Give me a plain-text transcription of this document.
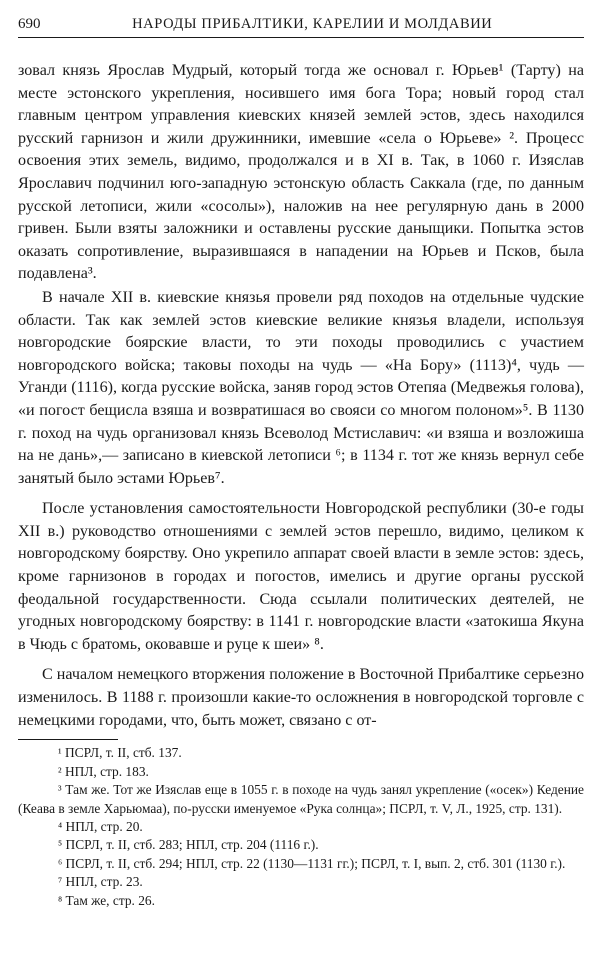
690	НАРОДЫ ПРИБАЛТИКИ, КАРЕЛИИ И МОЛДАВИИ

зовал князь Ярослав Мудрый, который тогда же основал г. Юрьев¹ (Тарту) на месте эстонского укрепления, носившего имя бога Тора; новый город стал главным центром управления киевских князей землей эстов, здесь находился русский гарнизон и жили дружинники, имевшие «села о Юрьеве» ². Процесс освоения этих земель, видимо, продолжался и в XI в. Так, в 1060 г. Изяслав Ярославич подчинил юго-западную эстонскую область Саккала (где, по данным русской летописи, жили «сосолы»), наложив на нее регулярную дань в 2000 гривен. Были взяты заложники и оставлены русские даныщики. Попытка эстов оказать сопротивление, выразившаяся в нападении на Юрьев и Псков, была подавлена³.

В начале XII в. киевские князья провели ряд походов на отдельные чудские области. Так как землей эстов киевские великие князья владели, используя новгородские боярские власти, то эти походы проводились с участием новгородского войска; таковы походы на чудь — «На Бору» (1113)⁴, чудь — Уганди (1116), когда русские войска, заняв город эстов Отепяа (Медвежья голова), «и погост бещисла взяша и возвратишася во свояси со многом полоном»⁵. В 1130 г. поход на чудь организовал князь Всеволод Мстиславич: «и взяша и возложиша на не дань»,— записано в киевской летописи ⁶; в 1134 г. тот же князь вернул себе занятый было эстами Юрьев⁷.

После установления самостоятельности Новгородской республики (30-е годы XII в.) руководство отношениями с землей эстов перешло, видимо, целиком к новгородскому боярству. Оно укрепило аппарат своей власти в земле эстов: здесь, кроме гарнизонов в городах и погостов, имелись и другие органы русской феодальной государственности. Сюда ссылали политических деятелей, не угодных новгородскому боярству: в 1141 г. новгородские власти «затокиша Якуна в Чюдь с братомь, оковавше и руце к шеи» ⁸.

С началом немецкого вторжения положение в Восточной Прибалтике серьезно изменилось. В 1188 г. произошли какие-то осложнения в новгородской торговле с немецкими городами, что, быть может, связано с от-

¹ ПСРЛ, т. II, стб. 137.

² НПЛ, стр. 183.

³ Там же. Тот же Изяслав еще в 1055 г. в походе на чудь занял укрепление («осек») Кедение (Кеава в земле Харьюмаа), по-русски именуемое «Рука солнца»; ПСРЛ, т. V, Л., 1925, стр. 131).

⁴ НПЛ, стр. 20.

⁵ ПСРЛ, т. II, стб. 283; НПЛ, стр. 204 (1116 г.).

⁶ ПСРЛ, т. II, стб. 294; НПЛ, стр. 22 (1130—1131 гг.); ПСРЛ, т. I, вып. 2, стб. 301 (1130 г.).

⁷ НПЛ, стр. 23.

⁸ Там же, стр. 26.
